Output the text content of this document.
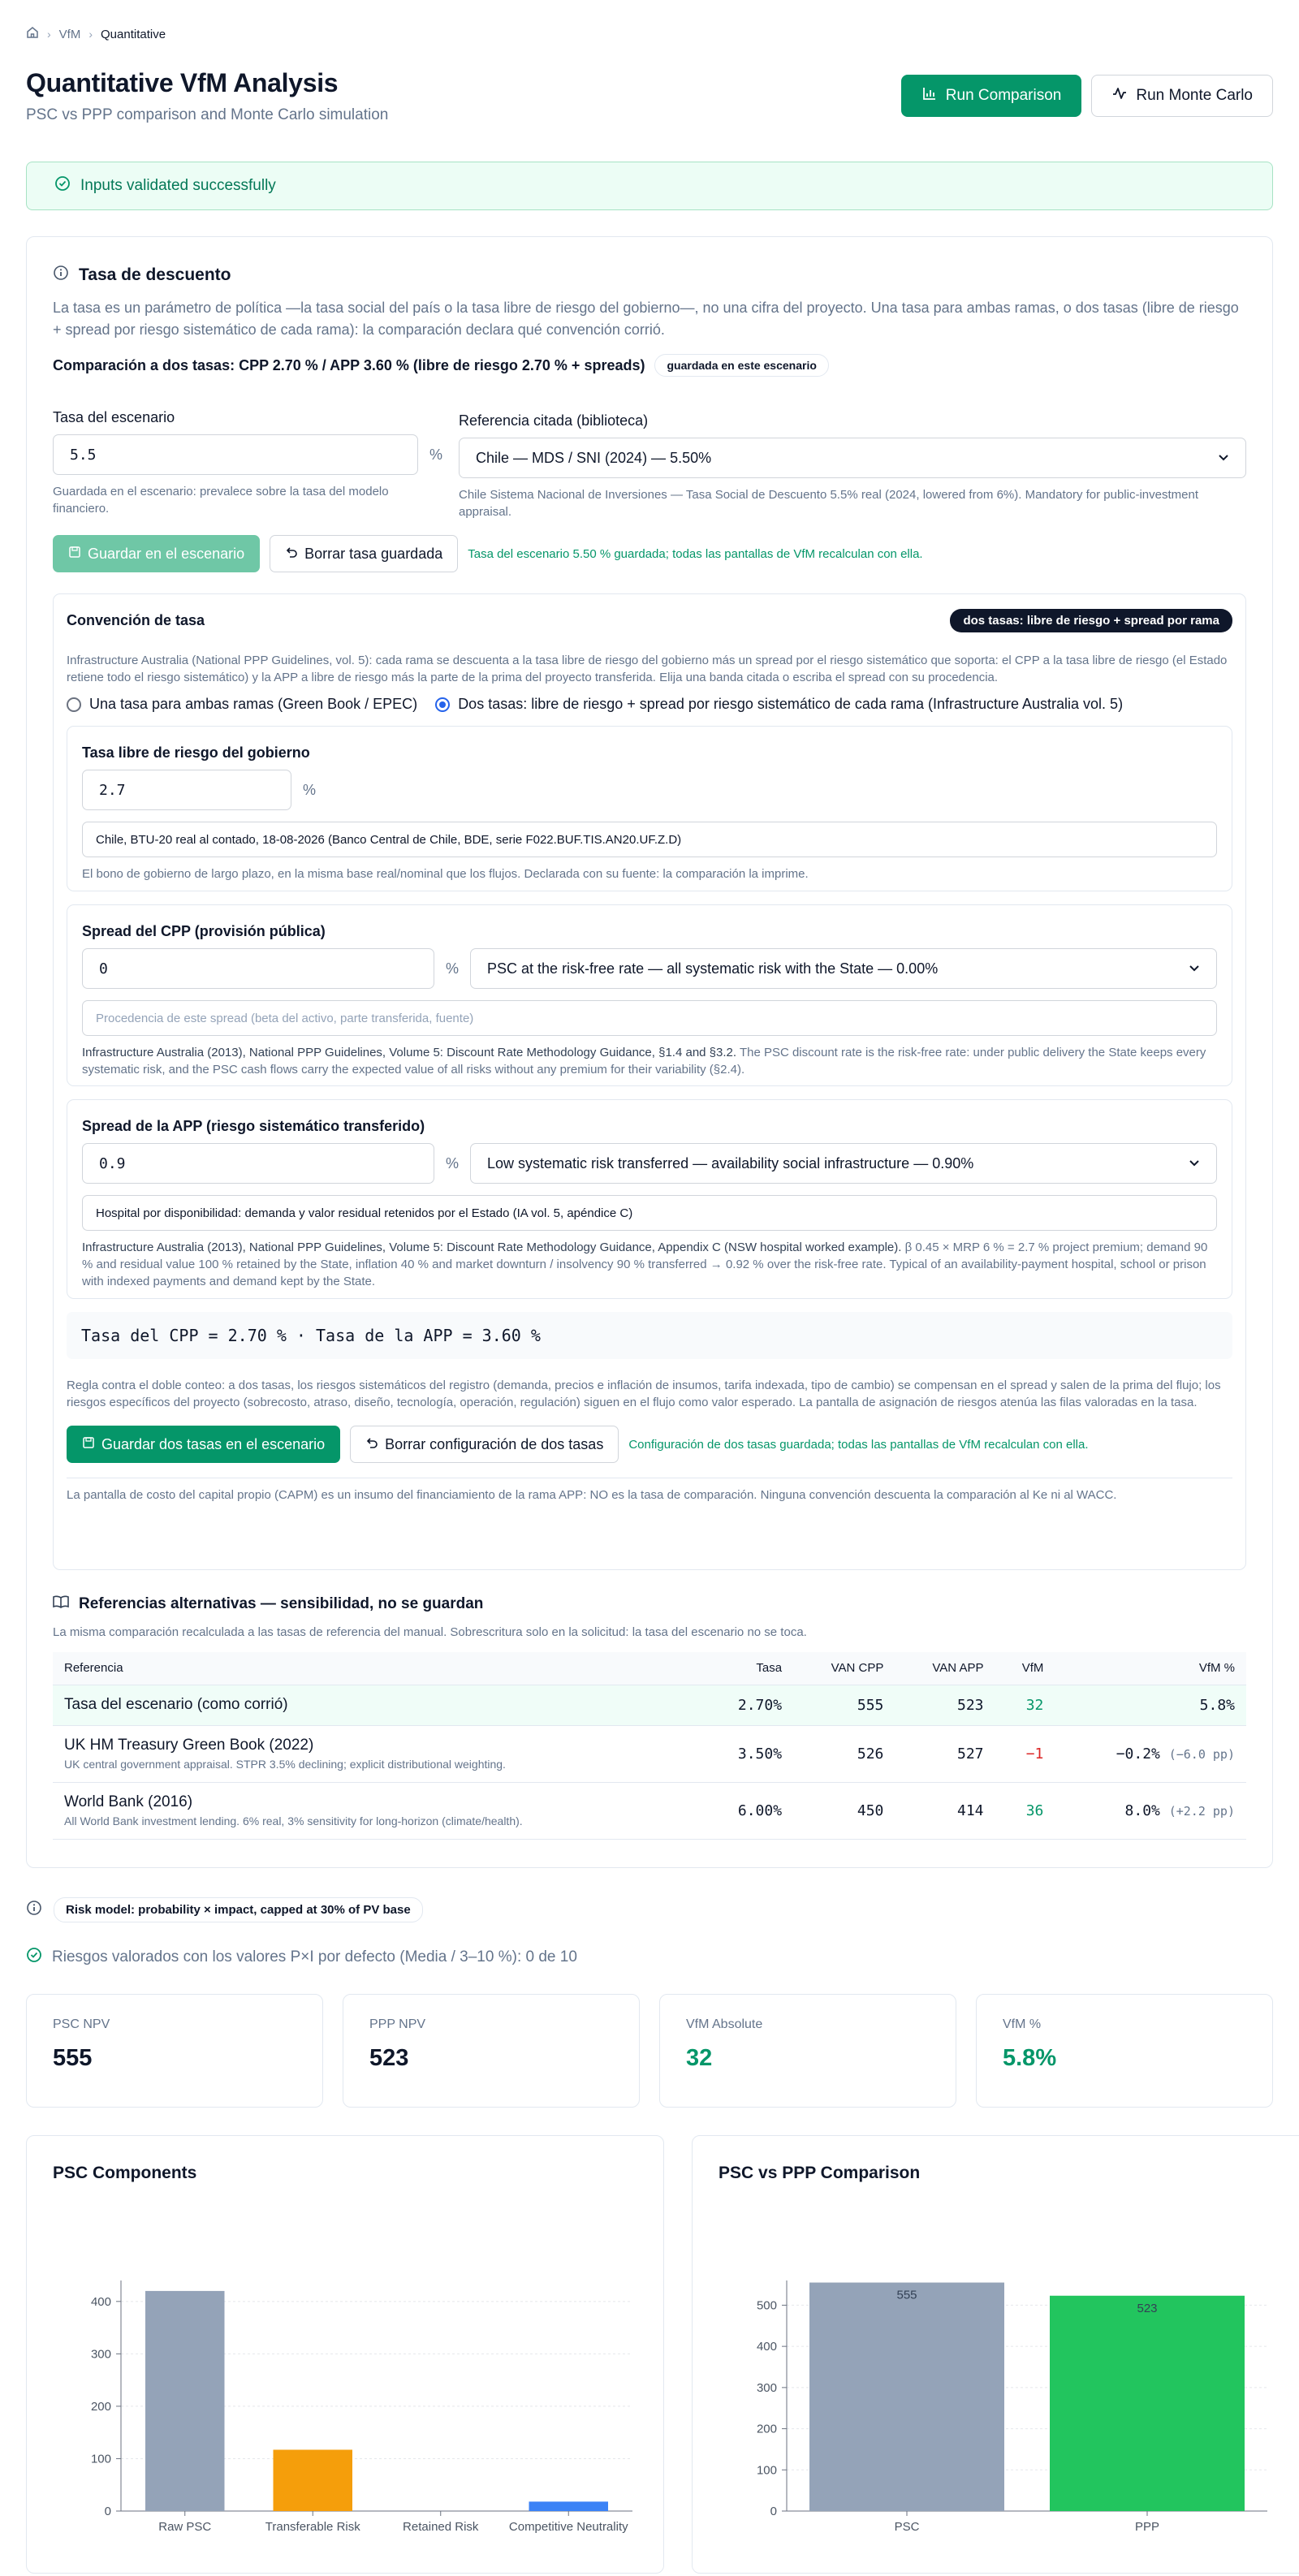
› VfM › Quantitative
Quantitative VfM Analysis
PSC vs PPP comparison and Monte Carlo simulation
Run Comparison	Run Monte Carlo
Inputs validated successfully
Tasa de descuento
La tasa es un parámetro de política —la tasa social del país o la tasa libre de riesgo del gobierno—, no una cifra del proyecto. Una tasa para ambas ramas, o dos tasas (libre de riesgo + spread por riesgo sistemático de cada rama): la comparación declara qué convención corrió.
Comparación a dos tasas: CPP 2.70 % / APP 3.60 % (libre de riesgo 2.70 % + spreads)	guardada en este escenario
Tasa del escenario
5.5	%
Guardada en el escenario: prevalece sobre la tasa del modelo financiero.
Referencia citada (biblioteca)
Chile — MDS / SNI (2024) — 5.50%
Chile Sistema Nacional de Inversiones — Tasa Social de Descuento 5.5% real (2024, lowered from 6%). Mandatory for public-investment appraisal.
Guardar en el escenario	Borrar tasa guardada Tasa del escenario 5.50 % guardada; todas las pantallas de VfM recalculan con ella.
Convención de tasa	dos tasas: libre de riesgo + spread por rama
Infrastructure Australia (National PPP Guidelines, vol. 5): cada rama se descuenta a la tasa libre de riesgo del gobierno más un spread por el riesgo sistemático que soporta: el CPP a la tasa libre de riesgo (el Estado retiene todo el riesgo sistemático) y la APP a libre de riesgo más la parte de la prima del proyecto transferida. Elija una banda citada o escriba el spread con su procedencia.
Una tasa para ambas ramas (Green Book / EPEC)	Dos tasas: libre de riesgo + spread por riesgo sistemático de cada rama (Infrastructure Australia vol. 5)
Tasa libre de riesgo del gobierno
2.7	%
Chile, BTU-20 real al contado, 18-08-2026 (Banco Central de Chile, BDE, serie F022.BUF.TIS.AN20.UF.Z.D)
El bono de gobierno de largo plazo, en la misma base real/nominal que los flujos. Declarada con su fuente: la comparación la imprime.
Spread del CPP (provisión pública)
0	% PSC at the risk-free rate — all systematic risk with the State — 0.00%
Procedencia de este spread (beta del activo, parte transferida, fuente)
Infrastructure Australia (2013), National PPP Guidelines, Volume 5: Discount Rate Methodology Guidance, §1.4 and §3.2. The PSC discount rate is the risk-free rate: under public delivery the State keeps every systematic risk, and the PSC cash flows carry the expected value of all risks without any premium for their variability (§2.4).
Spread de la APP (riesgo sistemático transferido)
0.9	% Low systematic risk transferred — availability social infrastructure — 0.90%
Hospital por disponibilidad: demanda y valor residual retenidos por el Estado (IA vol. 5, apéndice C)
Infrastructure Australia (2013), National PPP Guidelines, Volume 5: Discount Rate Methodology Guidance, Appendix C (NSW hospital worked example). β 0.45 × MRP 6 % = 2.7 % project premium; demand 90 % and residual value 100 % retained by the State, inflation 40 % and market downturn / insolvency 90 % transferred → 0.92 % over the risk-free rate. Typical of an availability-payment hospital, school or prison with indexed payments and demand kept by the State.
Tasa del CPP = 2.70 % · Tasa de la APP = 3.60 %
Regla contra el doble conteo: a dos tasas, los riesgos sistemáticos del registro (demanda, precios e inflación de insumos, tarifa indexada, tipo de cambio) se compensan en el spread y salen de la prima del flujo; los riesgos específicos del proyecto (sobrecosto, atraso, diseño, tecnología, operación, regulación) siguen en el flujo como valor esperado. La pantalla de asignación de riesgos atenúa las filas valoradas en la tasa.
Guardar dos tasas en el escenario	Borrar configuración de dos tasas Configuración de dos tasas guardada; todas las pantallas de VfM recalculan con ella.
La pantalla de costo del capital propio (CAPM) es un insumo del financiamiento de la rama APP: NO es la tasa de comparación. Ninguna convención descuenta la comparación al Ke ni al WACC.
Referencias alternativas — sensibilidad, no se guardan
La misma comparación recalculada a las tasas de referencia del manual. Sobrescritura solo en la solicitud: la tasa del escenario no se toca.
Referencia	Tasa	VAN CPP	VAN APP	VfM	VfM %

Tasa del escenario (como corrió)	2.70%	555	523	32	5.8%

UK HM Treasury Green Book (2022)
UK central government appraisal. STPR 3.5% declining; explicit distributional weighting.	3.50%	526	527	−1	−0.2% (−6.0 pp)

World Bank (2016)
All World Bank investment lending. 6% real, 3% sensitivity for long-horizon (climate/health).	6.00%	450	414	36	8.0% (+2.2 pp)
Risk model: probability × impact, capped at 30% of PV base
Riesgos valorados con los valores P×I por defecto (Media / 3–10 %): 0 de 10
PSC NPV
555
PPP NPV
523
VfM Absolute
32
VfM %
5.8%
PSC Components
0
100
200
300
400
Raw PSC	Transferable Risk	Retained Risk Competitive Neutrality
PSC vs PPP Comparison
0
100
200
300
400
500
555
PSC
523
PPP
